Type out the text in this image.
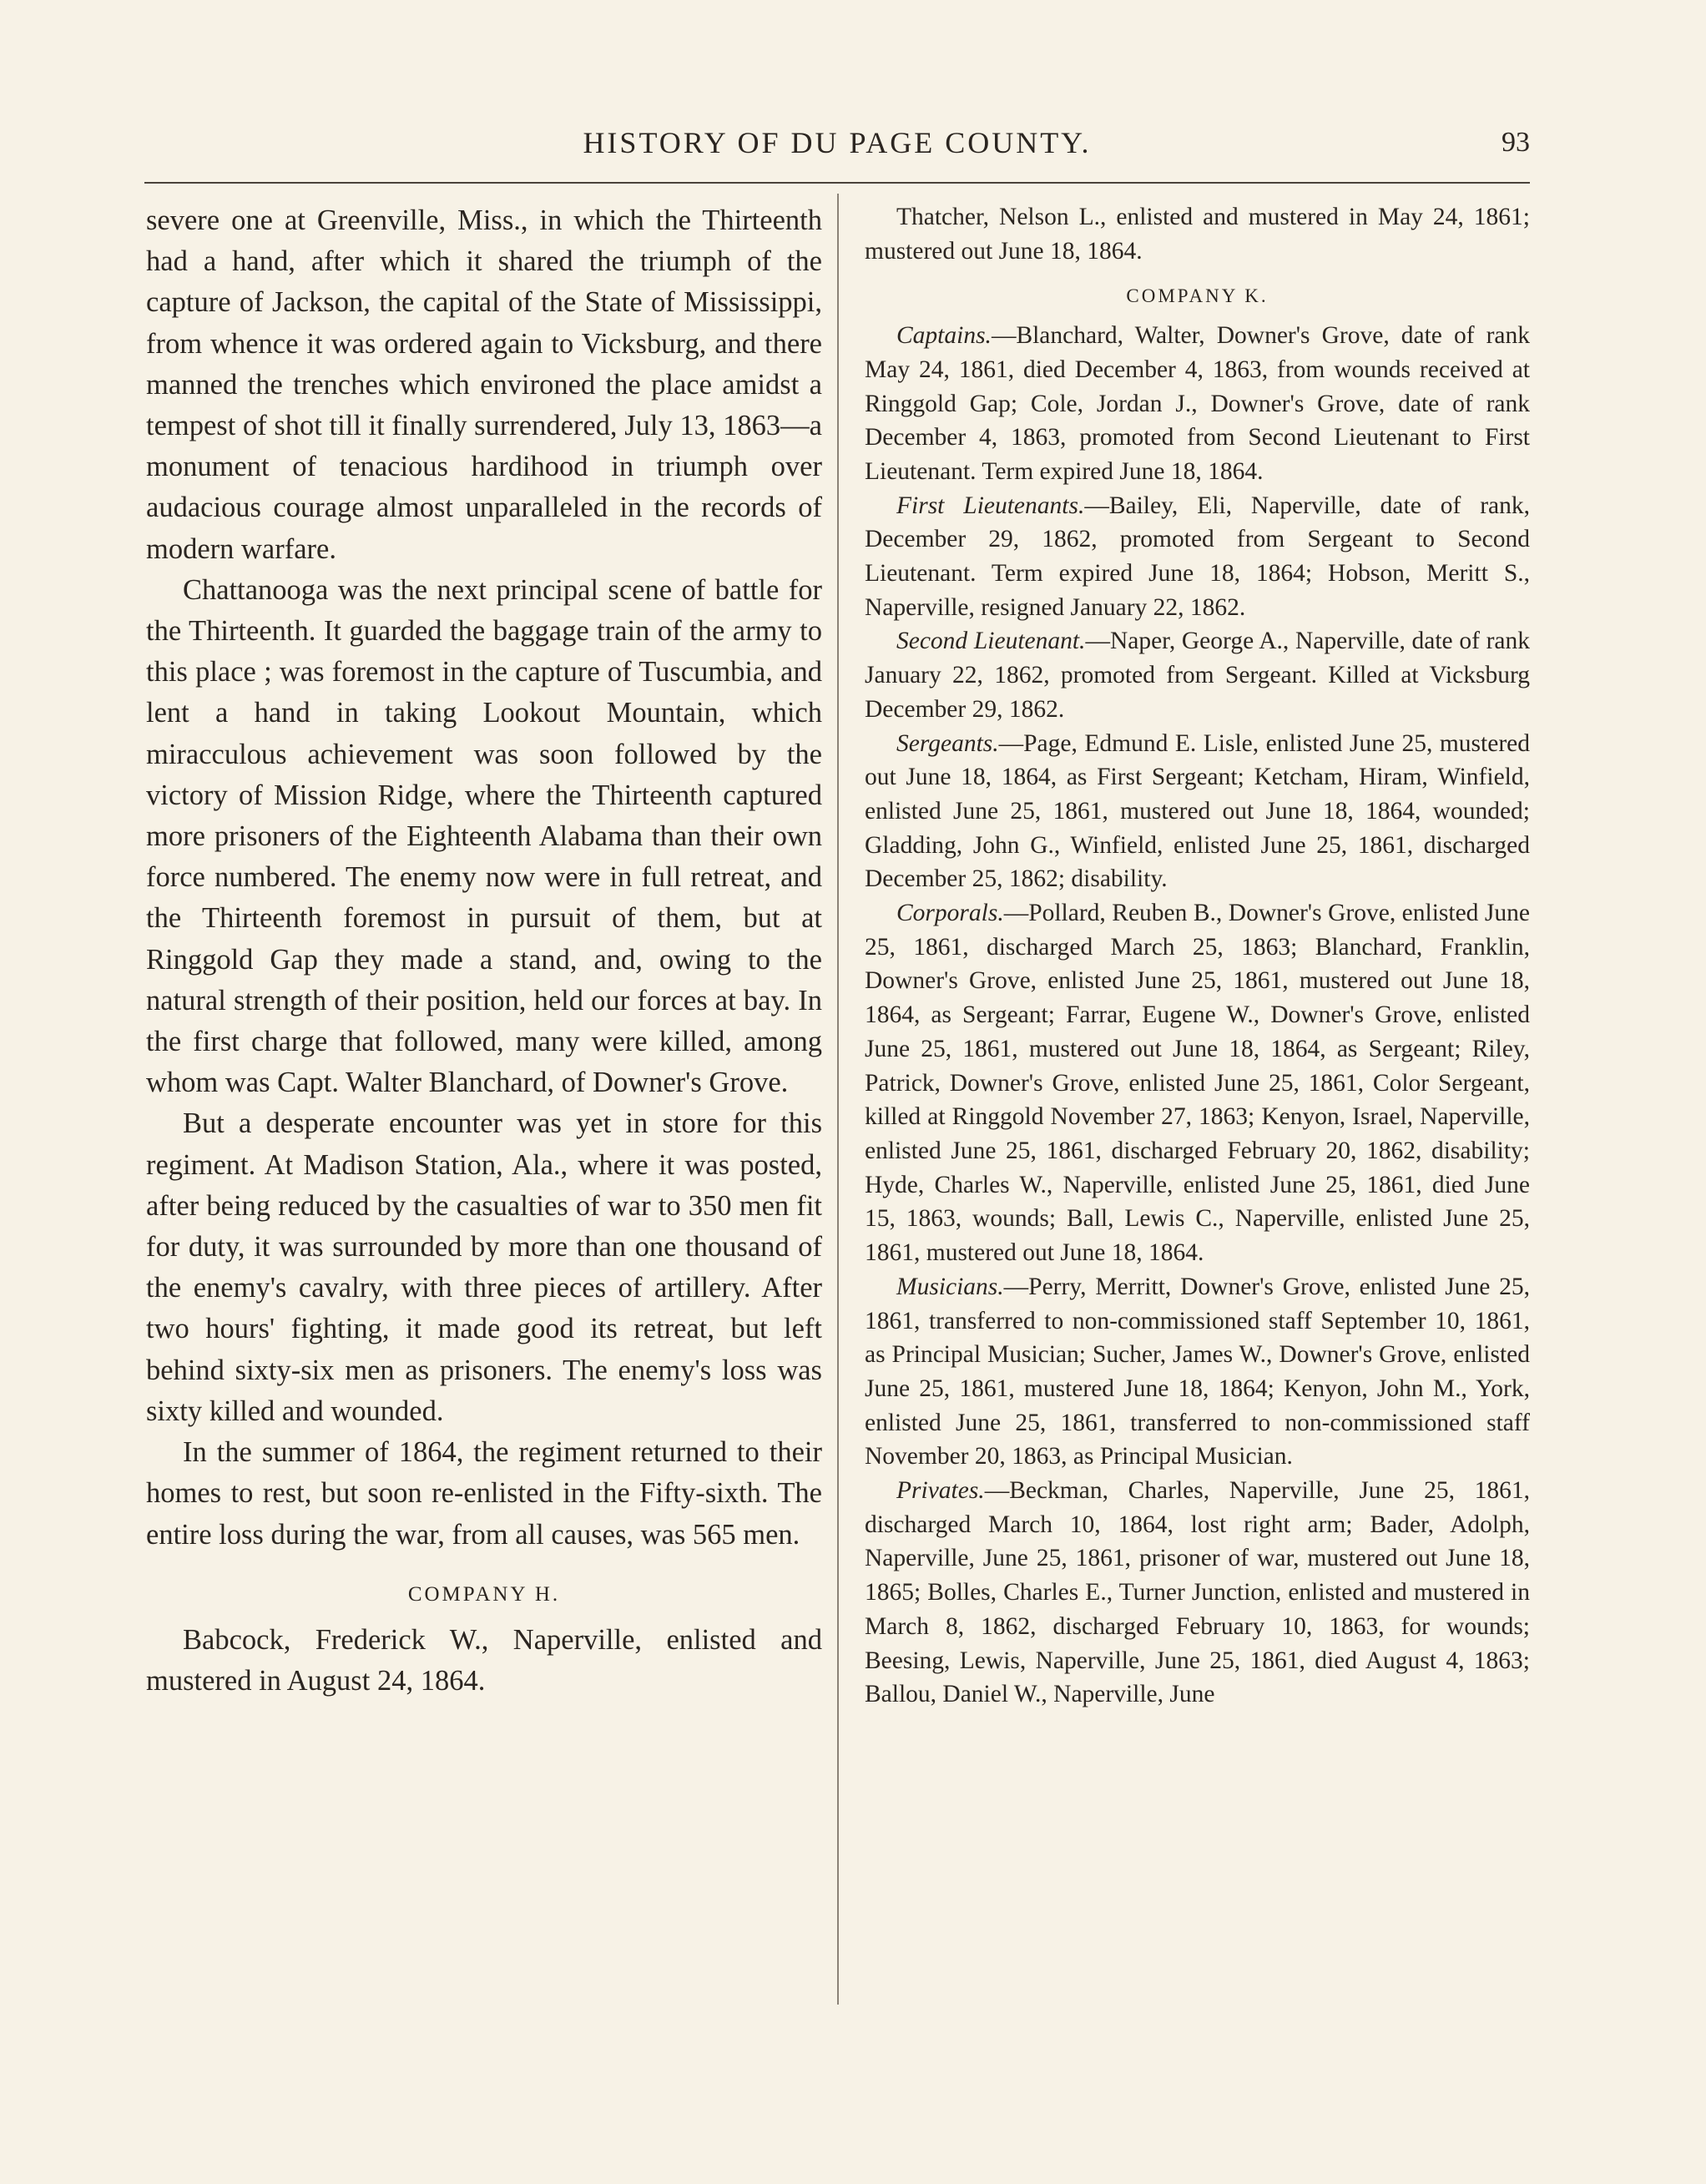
HISTORY OF DU PAGE COUNTY.	93

severe one at Greenville, Miss., in which the Thirteenth had a hand, after which it shared the triumph of the capture of Jackson, the capital of the State of Mississippi, from whence it was ordered again to Vicksburg, and there manned the trenches which environed the place amidst a tempest of shot till it finally surrendered, July 13, 1863—a monument of tenacious hardihood in triumph over audacious courage almost unparalleled in the records of modern warfare.

Chattanooga was the next principal scene of battle for the Thirteenth. It guarded the baggage train of the army to this place ; was foremost in the capture of Tuscumbia, and lent a hand in taking Lookout Mountain, which miracculous achievement was soon followed by the victory of Mission Ridge, where the Thirteenth captured more prisoners of the Eighteenth Alabama than their own force numbered. The enemy now were in full retreat, and the Thirteenth foremost in pursuit of them, but at Ringgold Gap they made a stand, and, owing to the natural strength of their position, held our forces at bay. In the first charge that followed, many were killed, among whom was Capt. Walter Blanchard, of Downer's Grove.

But a desperate encounter was yet in store for this regiment. At Madison Station, Ala., where it was posted, after being reduced by the casualties of war to 350 men fit for duty, it was surrounded by more than one thousand of the enemy's cavalry, with three pieces of artillery. After two hours' fighting, it made good its retreat, but left behind sixty-six men as prisoners. The enemy's loss was sixty killed and wounded.

In the summer of 1864, the regiment returned to their homes to rest, but soon re-enlisted in the Fifty-sixth. The entire loss during the war, from all causes, was 565 men.

COMPANY H.

Babcock, Frederick W., Naperville, enlisted and mustered in August 24, 1864.

Thatcher, Nelson L., enlisted and mustered in May 24, 1861; mustered out June 18, 1864.

COMPANY K.

Captains.—Blanchard, Walter, Downer's Grove, date of rank May 24, 1861, died December 4, 1863, from wounds received at Ringgold Gap; Cole, Jordan J., Downer's Grove, date of rank December 4, 1863, promoted from Second Lieutenant to First Lieutenant. Term expired June 18, 1864.

First Lieutenants.—Bailey, Eli, Naperville, date of rank, December 29, 1862, promoted from Sergeant to Second Lieutenant. Term expired June 18, 1864; Hobson, Meritt S., Naperville, resigned January 22, 1862.

Second Lieutenant.—Naper, George A., Naperville, date of rank January 22, 1862, promoted from Sergeant. Killed at Vicksburg December 29, 1862.

Sergeants.—Page, Edmund E. Lisle, enlisted June 25, mustered out June 18, 1864, as First Sergeant; Ketcham, Hiram, Winfield, enlisted June 25, 1861, mustered out June 18, 1864, wounded; Gladding, John G., Winfield, enlisted June 25, 1861, discharged December 25, 1862; disability.

Corporals.—Pollard, Reuben B., Downer's Grove, enlisted June 25, 1861, discharged March 25, 1863; Blanchard, Franklin, Downer's Grove, enlisted June 25, 1861, mustered out June 18, 1864, as Sergeant; Farrar, Eugene W., Downer's Grove, enlisted June 25, 1861, mustered out June 18, 1864, as Sergeant; Riley, Patrick, Downer's Grove, enlisted June 25, 1861, Color Sergeant, killed at Ringgold November 27, 1863; Kenyon, Israel, Naperville, enlisted June 25, 1861, discharged February 20, 1862, disability; Hyde, Charles W., Naperville, enlisted June 25, 1861, died June 15, 1863, wounds; Ball, Lewis C., Naperville, enlisted June 25, 1861, mustered out June 18, 1864.

Musicians.—Perry, Merritt, Downer's Grove, enlisted June 25, 1861, transferred to non-commissioned staff September 10, 1861, as Principal Musician; Sucher, James W., Downer's Grove, enlisted June 25, 1861, mustered June 18, 1864; Kenyon, John M., York, enlisted June 25, 1861, transferred to non-commissioned staff November 20, 1863, as Principal Musician.

Privates.—Beckman, Charles, Naperville, June 25, 1861, discharged March 10, 1864, lost right arm; Bader, Adolph, Naperville, June 25, 1861, prisoner of war, mustered out June 18, 1865; Bolles, Charles E., Turner Junction, enlisted and mustered in March 8, 1862, discharged February 10, 1863, for wounds; Beesing, Lewis, Naperville, June 25, 1861, died August 4, 1863; Ballou, Daniel W., Naperville, June
